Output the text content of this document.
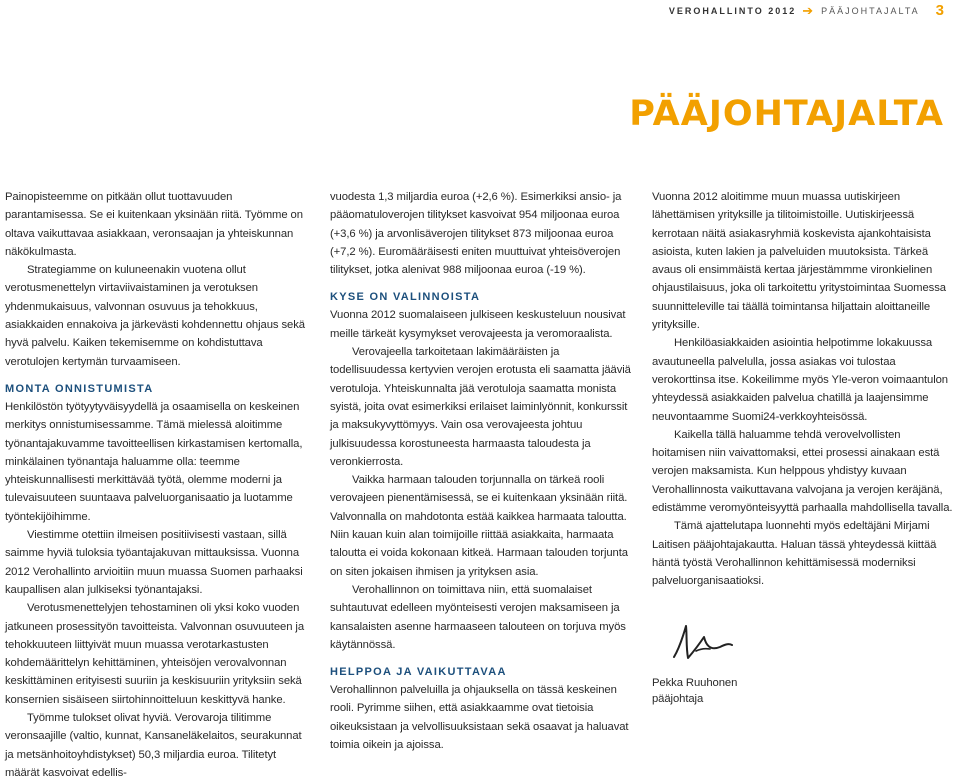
VEROHALLINTO 2012 ➔ PÄÄJOHTAJALTA 3
PÄÄJOHTAJALTA

Painopisteemme on pitkään ollut tuottavuuden parantamisessa. Se ei kuitenkaan yksinään riitä. Työmme on oltava vaikuttavaa asiakkaan, veronsaajan ja yhteiskunnan näkökulmasta.

Strategiamme on kuluneenakin vuotena ollut verotusmenettelyn virtaviivaistaminen ja verotuksen yhdenmukaisuus, valvonnan osuvuus ja tehokkuus, asiakkaiden ennakoiva ja järkevästi kohdennettu ohjaus sekä hyvä palvelu. Kaiken tekemisemme on kohdistuttava verotulojen kertymän turvaamiseen.

MONTA ONNISTUMISTA

Henkilöstön työtyytyväisyydellä ja osaamisella on keskeinen merkitys onnistumisessamme. Tämä mielessä aloitimme työnantajakuvamme tavoitteellisen kirkastamisen kertomalla, minkälainen työnantaja haluamme olla: teemme yhteiskunnallisesti merkittävää työtä, olemme moderni ja tulevaisuuteen suuntaava palveluorganisaatio ja luotamme työntekijöihimme.

Viestimme otettiin ilmeisen positiivisesti vastaan, sillä saimme hyviä tuloksia työantajakuvan mittauksissa. Vuonna 2012 Verohallinto arvioitiin muun muassa Suomen parhaaksi kaupallisen alan julkiseksi työnantajaksi.

Verotusmenettelyjen tehostaminen oli yksi koko vuoden jatkuneen prosessityön tavoitteista. Valvonnan osuvuuteen ja tehokkuuteen liittyivät muun muassa verotarkastusten kohdemäärittelyn kehittäminen, yhteisöjen verovalvonnan keskittäminen erityisesti suuriin ja keskisuuriin yrityksiin sekä konsernien sisäiseen siirtohinnoitteluun keskittyvä hanke.

Työmme tulokset olivat hyviä. Verovaroja tilitimme veronsaajille (valtio, kunnat, Kansaneläkelaitos, seurakunnat ja metsänhoitoyhdistykset) 50,3 miljardia euroa. Tilitetyt määrät kasvoivat edellis-

vuodesta 1,3 miljardia euroa (+2,6 %). Esimerkiksi ansio- ja pääomatuloverojen tilitykset kasvoivat 954 miljoonaa euroa (+3,6 %) ja arvonlisäverojen tilitykset 873 miljoonaa euroa (+7,2 %). Euromääräisesti eniten muuttuivat yhteisöverojen tilitykset, jotka alenivat 988 miljoonaa euroa (-19 %).

KYSE ON VALINNOISTA

Vuonna 2012 suomalaiseen julkiseen keskusteluun nousivat meille tärkeät kysymykset verovajeesta ja veromoraalista.

Verovajeella tarkoitetaan lakimääräisten ja todellisuudessa kertyvien verojen erotusta eli saamatta jääviä verotuloja. Yhteiskunnalta jää verotuloja saamatta monista syistä, joita ovat esimerkiksi erilaiset laiminlyönnit, konkurssit ja maksukyvyttömyys. Vain osa verovajeesta johtuu julkisuudessa korostuneesta harmaasta taloudesta ja veronkierrosta.

Vaikka harmaan talouden torjunnalla on tärkeä rooli verovajeen pienentämisessä, se ei kuitenkaan yksinään riitä. Valvonnalla on mahdotonta estää kaikkea harmaata taloutta. Niin kauan kuin alan toimijoille riittää asiakkaita, harmaata taloutta ei voida kokonaan kitkeä. Harmaan talouden torjunta on siten jokaisen ihmisen ja yrityksen asia.

Verohallinnon on toimittava niin, että suomalaiset suhtautuvat edelleen myönteisesti verojen maksamiseen ja kansalaisten asenne harmaaseen talouteen on torjuva myös käytännössä.

HELPPOA JA VAIKUTTAVAA

Verohallinnon palveluilla ja ohjauksella on tässä keskeinen rooli. Pyrimme siihen, että asiakkaamme ovat tietoisia oikeuksistaan ja velvollisuuksistaan sekä osaavat ja haluavat toimia oikein ja ajoissa.

Vuonna 2012 aloitimme muun muassa uutiskirjeen lähettämisen yrityksille ja tilitoimistoille. Uutiskirjeessä kerrotaan näitä asiakasryhmiä koskevista ajankohtaisista asioista, kuten lakien ja palveluiden muutoksista. Tärkeä avaus oli ensimmäistä kertaa järjestämmme vironkielinen ohjaustilaisuus, joka oli tarkoitettu yritystoimintaa Suomessa suunnitteleville tai täällä toimintansa hiljattain aloittaneille yrityksille.

Henkilöasiakkaiden asiointia helpotimme lokakuussa avautuneella palvelulla, jossa asiakas voi tulostaa verokorttinsa itse. Kokeilimme myös Yle-veron voimaantulon yhteydessä asiakkaiden palvelua chatillä ja laajensimme neuvontaamme Suomi24-verkkoyhteisössä.

Kaikella tällä haluamme tehdä verovelvollisten hoitamisen niin vaivattomaksi, ettei prosessi ainakaan estä verojen maksamista. Kun helppous yhdistyy kuvaan Verohallinnosta vaikuttavana valvojana ja verojen keräjänä, edistämme veromyönteisyyttä parhaalla mahdollisella tavalla.

Tämä ajattelutapa luonnehti myös edeltäjäni Mirjami Laitisen pääjohtajakautta. Haluan tässä yhteydessä kiittää häntä työstä Verohallinnon kehittämisessä moderniksi palveluorganisaatioksi.

Pekka Ruuhonen
pääjohtaja
